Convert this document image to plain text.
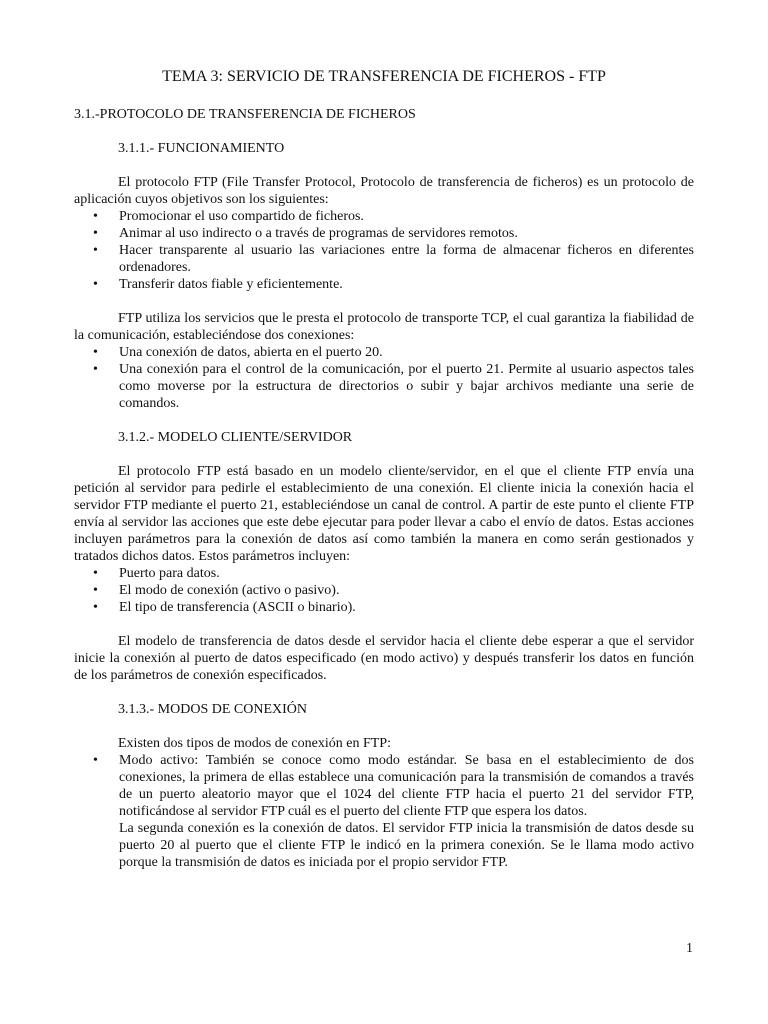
TEMA 3: SERVICIO DE TRANSFERENCIA DE FICHEROS - FTP

3.1.-PROTOCOLO DE TRANSFERENCIA DE FICHEROS

3.1.1.- FUNCIONAMIENTO

El protocolo FTP (File Transfer Protocol, Protocolo de transferencia de ficheros) es un protocolo de aplicación cuyos objetivos son los siguientes:

• Promocionar el uso compartido de ficheros.
• Animar al uso indirecto o a través de programas de servidores remotos.
• Hacer transparente al usuario las variaciones entre la forma de almacenar ficheros en diferentes ordenadores.
• Transferir datos fiable y eficientemente.

FTP utiliza los servicios que le presta el protocolo de transporte TCP, el cual garantiza la fiabilidad de la comunicación, estableciéndose dos conexiones:

• Una conexión de datos, abierta en el puerto 20.
• Una conexión para el control de la comunicación, por el puerto 21. Permite al usuario aspectos tales como moverse por la estructura de directorios o subir y bajar archivos mediante una serie de comandos.

3.1.2.- MODELO CLIENTE/SERVIDOR

El protocolo FTP está basado en un modelo cliente/servidor, en el que el cliente FTP envía una petición al servidor para pedirle el establecimiento de una conexión. El cliente inicia la conexión hacia el servidor FTP mediante el puerto 21, estableciéndose un canal de control. A partir de este punto el cliente FTP envía al servidor las acciones que este debe ejecutar para poder llevar a cabo el envío de datos. Estas acciones incluyen parámetros para la conexión de datos así como también la manera en como serán gestionados y tratados dichos datos. Estos parámetros incluyen:

• Puerto para datos.
• El modo de conexión (activo o pasivo).
• El tipo de transferencia (ASCII o binario).

El modelo de transferencia de datos desde el servidor hacia el cliente debe esperar a que el servidor inicie la conexión al puerto de datos especificado (en modo activo) y después transferir los datos en función de los parámetros de conexión especificados.

3.1.3.- MODOS DE CONEXIÓN

Existen dos tipos de modos de conexión en FTP:

• Modo activo: También se conoce como modo estándar. Se basa en el establecimiento de dos conexiones, la primera de ellas establece una comunicación para la transmisión de comandos a través de un puerto aleatorio mayor que el 1024 del cliente FTP hacia el puerto 21 del servidor FTP, notificándose al servidor FTP cuál es el puerto del cliente FTP que espera los datos.
La segunda conexión es la conexión de datos. El servidor FTP inicia la transmisión de datos desde su puerto 20 al puerto que el cliente FTP le indicó en la primera conexión. Se le llama modo activo porque la transmisión de datos es iniciada por el propio servidor FTP.
1
